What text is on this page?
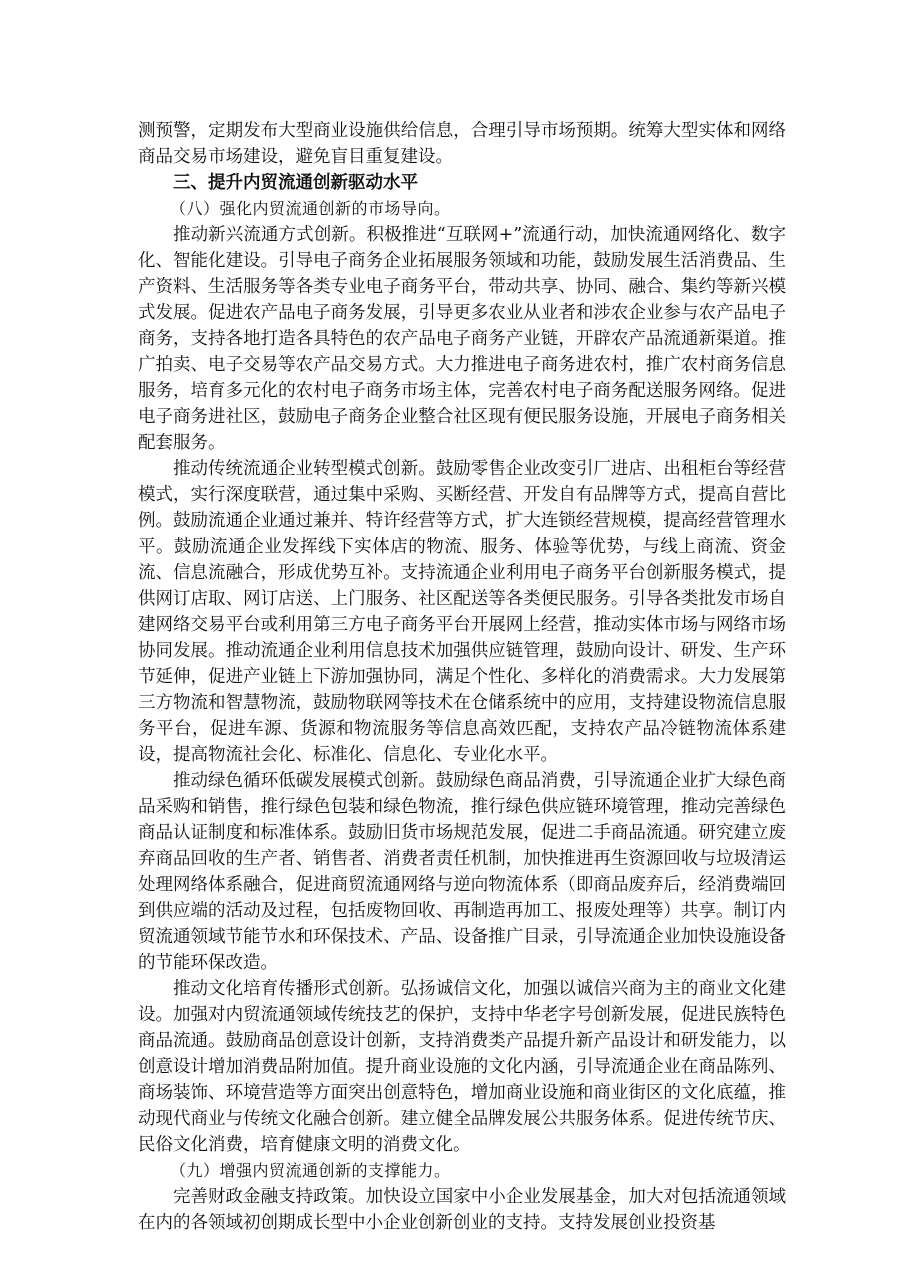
测预警，定期发布大型商业设施供给信息，合理引导市场预期。统筹大型实体和网络商品交易市场建设，避免盲目重复建设。

三、提升内贸流通创新驱动水平

（八）强化内贸流通创新的市场导向。

推动新兴流通方式创新。积极推进“互联网+”流通行动，加快流通网络化、数字化、智能化建设。引导电子商务企业拓展服务领域和功能，鼓励发展生活消费品、生产资料、生活服务等各类专业电子商务平台，带动共享、协同、融合、集约等新兴模式发展。促进农产品电子商务发展，引导更多农业从业者和涉农企业参与农产品电子商务，支持各地打造各具特色的农产品电子商务产业链，开辟农产品流通新渠道。推广拍卖、电子交易等农产品交易方式。大力推进电子商务进农村，推广农村商务信息服务，培育多元化的农村电子商务市场主体，完善农村电子商务配送服务网络。促进电子商务进社区，鼓励电子商务企业整合社区现有便民服务设施，开展电子商务相关配套服务。

推动传统流通企业转型模式创新。鼓励零售企业改变引厂进店、出租柜台等经营模式，实行深度联营，通过集中采购、买断经营、开发自有品牌等方式，提高自营比例。鼓励流通企业通过兼并、特许经营等方式，扩大连锁经营规模，提高经营管理水平。鼓励流通企业发挥线下实体店的物流、服务、体验等优势，与线上商流、资金流、信息流融合，形成优势互补。支持流通企业利用电子商务平台创新服务模式，提供网订店取、网订店送、上门服务、社区配送等各类便民服务。引导各类批发市场自建网络交易平台或利用第三方电子商务平台开展网上经营，推动实体市场与网络市场协同发展。推动流通企业利用信息技术加强供应链管理，鼓励向设计、研发、生产环节延伸，促进产业链上下游加强协同，满足个性化、多样化的消费需求。大力发展第三方物流和智慧物流，鼓励物联网等技术在仓储系统中的应用，支持建设物流信息服务平台，促进车源、货源和物流服务等信息高效匹配，支持农产品冷链物流体系建设，提高物流社会化、标准化、信息化、专业化水平。

推动绿色循环低碳发展模式创新。鼓励绿色商品消费，引导流通企业扩大绿色商品采购和销售，推行绿色包装和绿色物流，推行绿色供应链环境管理，推动完善绿色商品认证制度和标准体系。鼓励旧货市场规范发展，促进二手商品流通。研究建立废弃商品回收的生产者、销售者、消费者责任机制，加快推进再生资源回收与垃圾清运处理网络体系融合，促进商贸流通网络与逆向物流体系（即商品废弃后，经消费端回到供应端的活动及过程，包括废物回收、再制造再加工、报废处理等）共享。制订内贸流通领域节能节水和环保技术、产品、设备推广目录，引导流通企业加快设施设备的节能环保改造。

推动文化培育传播形式创新。弘扬诚信文化，加强以诚信兴商为主的商业文化建设。加强对内贸流通领域传统技艺的保护，支持中华老字号创新发展，促进民族特色商品流通。鼓励商品创意设计创新，支持消费类产品提升新产品设计和研发能力，以创意设计增加消费品附加值。提升商业设施的文化内涵，引导流通企业在商品陈列、商场装饰、环境营造等方面突出创意特色，增加商业设施和商业街区的文化底蕴，推动现代商业与传统文化融合创新。建立健全品牌发展公共服务体系。促进传统节庆、民俗文化消费，培育健康文明的消费文化。

（九）增强内贸流通创新的支撑能力。

完善财政金融支持政策。加快设立国家中小企业发展基金，加大对包括流通领域在内的各领域初创期成长型中小企业创新创业的支持。支持发展创业投资基
